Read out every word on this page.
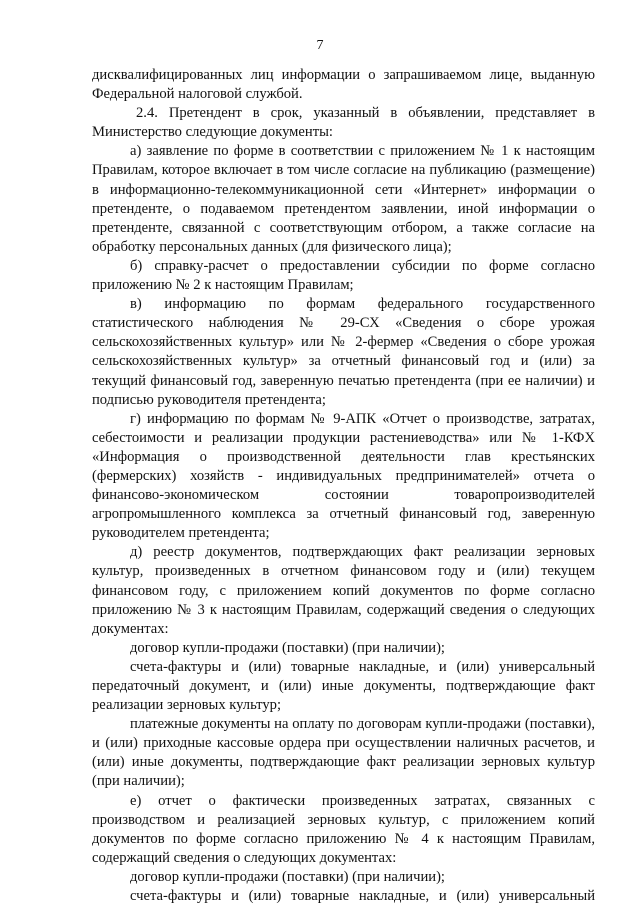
7

дисквалифицированных лиц информации о запрашиваемом лице, выданную Федеральной налоговой службой.

2.4. Претендент в срок, указанный в объявлении, представляет в Министерство следующие документы:

а) заявление по форме в соответствии с приложением № 1 к настоящим Правилам, которое включает в том числе согласие на публикацию (размещение) в информационно-телекоммуникационной сети «Интернет» информации о претенденте, о подаваемом претендентом заявлении, иной информации о претенденте, связанной с соответствующим отбором, а также согласие на обработку персональных данных (для физического лица);

б) справку-расчет о предоставлении субсидии по форме согласно приложению № 2 к настоящим Правилам;

в) информацию по формам федерального государственного статистического наблюдения № 29-СХ «Сведения о сборе урожая сельскохозяйственных культур» или № 2-фермер «Сведения о сборе урожая сельскохозяйственных культур» за отчетный финансовый год и (или) за текущий финансовый год, заверенную печатью претендента (при ее наличии) и подписью руководителя претендента;

г) информацию по формам № 9-АПК «Отчет о производстве, затратах, себестоимости и реализации продукции растениеводства» или № 1-КФХ «Информация о производственной деятельности глав крестьянских (фермерских) хозяйств - индивидуальных предпринимателей» отчета о финансово-экономическом состоянии товаропроизводителей агропромышленного комплекса за отчетный финансовый год, заверенную руководителем претендента;

д) реестр документов, подтверждающих факт реализации зерновых культур, произведенных в отчетном финансовом году и (или) текущем финансовом году, с приложением копий документов по форме согласно приложению № 3 к настоящим Правилам, содержащий сведения о следующих документах:

договор купли-продажи (поставки) (при наличии);

счета-фактуры и (или) товарные накладные, и (или) универсальный передаточный документ, и (или) иные документы, подтверждающие факт реализации зерновых культур;

платежные документы на оплату по договорам купли-продажи (поставки), и (или) приходные кассовые ордера при осуществлении наличных расчетов, и (или) иные документы, подтверждающие факт реализации зерновых культур (при наличии);

е) отчет о фактически произведенных затратах, связанных с производством и реализацией зерновых культур, с приложением копий документов по форме согласно приложению № 4 к настоящим Правилам, содержащий сведения о следующих документах:

договор купли-продажи (поставки) (при наличии);

счета-фактуры и (или) товарные накладные, и (или) универсальный
